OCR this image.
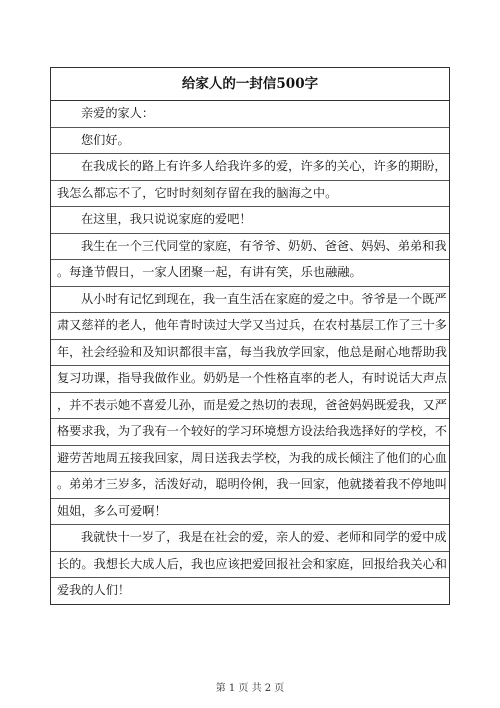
给家人的一封信500字
亲爱的家人：
您们好。
在我成长的路上有许多人给我许多的爱，许多的关心，许多的期盼，
我怎么都忘不了，它时时刻刻存留在我的脑海之中。
在这里，我只说说家庭的爱吧！
我生在一个三代同堂的家庭，有爷爷、奶奶、爸爸、妈妈、弟弟和我
。每逢节假日，一家人团聚一起，有讲有笑，乐也融融。
从小时有记忆到现在，我一直生活在家庭的爱之中。爷爷是一个既严
肃又慈祥的老人，他年青时读过大学又当过兵，在农村基层工作了三十多
年，社会经验和及知识都很丰富，每当我放学回家，他总是耐心地帮助我
复习功课，指导我做作业。奶奶是一个性格直率的老人，有时说话大声点
，并不表示她不喜爱儿孙，而是爱之热切的表现，爸爸妈妈既爱我，又严
格要求我，为了我有一个较好的学习环境想方设法给我选择好的学校，不
避劳苦地周五接我回家，周日送我去学校，为我的成长倾注了他们的心血
。弟弟才三岁多，活泼好动，聪明伶俐，我一回家，他就搂着我不停地叫
姐姐，多么可爱啊！
我就快十一岁了，我是在社会的爱，亲人的爱、老师和同学的爱中成
长的。我想长大成人后，我也应该把爱回报社会和家庭，回报给我关心和
爱我的人们！
第 1 页 共 2 页
